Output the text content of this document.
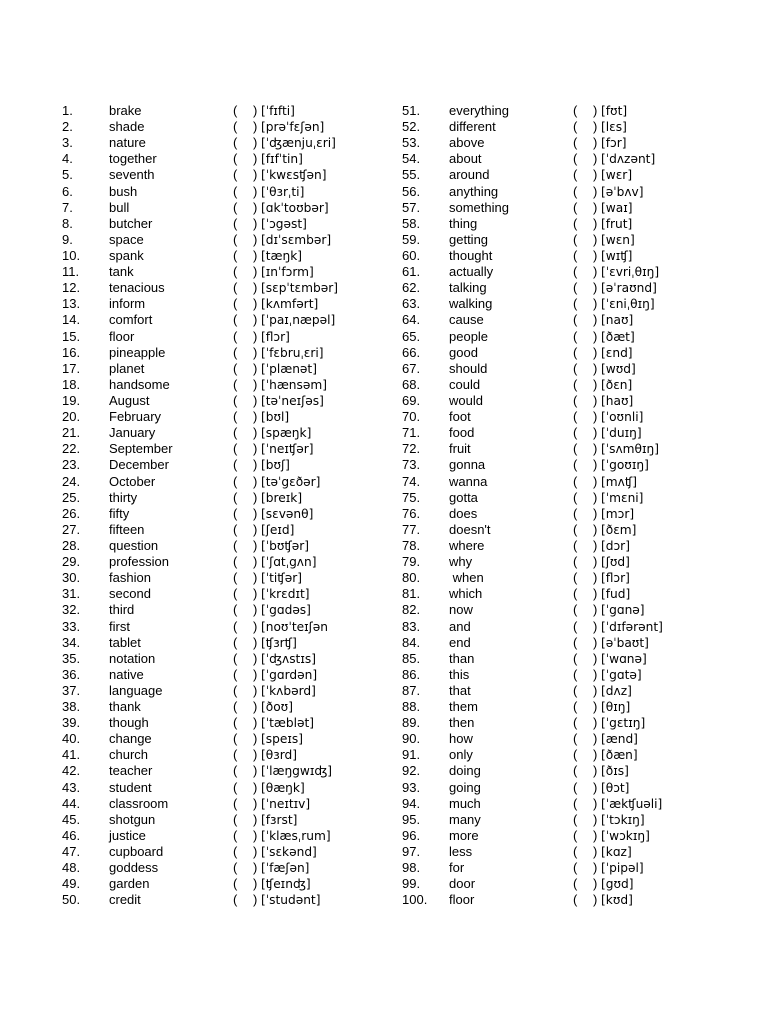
1.	brake	( ) [ˈfɪfti]
2.	shade	( ) [prəˈfɛʃən]
3.	nature	( ) [ˈʤænjuˌɛri]
4.	together	( ) [fɪfˈtin]
5.	seventh	( ) [ˈkwɛsʧən]
6.	bush	( ) [ˈθɜrˌti]
7.	bull	( ) [ɑkˈtoʊbər]
8.	butcher	( ) [ˈɔgəst]
9.	space	( ) [dɪˈsɛmbər]
10. spank	( ) [tæŋk]
11. tank	( ) [ɪnˈfɔrm]
12. tenacious	( ) [sɛpˈtɛmbər]
13. inform	( ) [kʌmfərt]
14. comfort	( ) [ˈpaɪˌnæpəl]
15. floor	( ) [flɔr]
16. pineapple	( ) [ˈfɛbruˌɛri]
17. planet	( ) [ˈplænət]
18. handsome	( ) [ˈhænsəm]
19. August	( ) [təˈneɪʃəs]
20. February	( ) [bʊl]
21. January	( ) [spæŋk]
22. September	( ) [ˈneɪʧər]
23. December	( ) [bʊʃ]
24. October	( ) [təˈgɛðər]
25. thirty	( ) [breɪk]
26. fifty	( ) [sɛvənθ]
27. fifteen	( ) [ʃeɪd]
28. question	( ) [ˈbʊʧər]
29. profession	( ) [ˈʃɑtˌgʌn]
30. fashion	( ) [ˈtiʧər]
31. second	( ) [ˈkrɛdɪt]
32. third	( ) [ˈgɑdəs]
33. first	( ) [noʊˈteɪʃən
34. tablet	( ) [ʧɜrʧ]
35. notation	( ) [ˈʤʌstɪs]
36. native	( ) [ˈgɑrdən]
37. language	( ) [ˈkʌbərd]
38. thank	( ) [ðoʊ]
39. though	( ) [ˈtæblət]
40. change	( ) [speɪs]
41. church	( ) [θɜrd]
42. teacher	( ) [ˈlæŋgwɪʤ]
43. student	( ) [θæŋk]
44. classroom	( ) [ˈneɪtɪv]
45. shotgun	( ) [fɜrst]
46. justice	( ) [ˈklæsˌrum]
47. cupboard	( ) [ˈsɛkənd]
48. goddess	( ) [ˈfæʃən]
49. garden	( ) [ʧeɪnʤ]
50. credit	( ) [ˈstudənt]
51. everything	( ) [fʊt]
52. different	( ) [lɛs]
53. above	( ) [fɔr]
54. about	( ) [ˈdʌzənt]
55. around	( ) [wɛr]
56. anything	( ) [əˈbʌv]
57. something	( ) [waɪ]
58. thing	( ) [frut]
59. getting	( ) [wɛn]
60. thought	( ) [wɪʧ]
61. actually	( ) [ˈɛvriˌθɪŋ]
62. talking	( ) [əˈraʊnd]
63. walking	( ) [ˈɛniˌθɪŋ]
64. cause	( ) [naʊ]
65. people	( ) [ðæt]
66. good	( ) [ɛnd]
67. should	( ) [wʊd]
68. could	( ) [ðɛn]
69. would	( ) [haʊ]
70. foot	( ) [ˈoʊnli]
71. food	( ) [ˈduɪŋ]
72. fruit	( ) [ˈsʌmθɪŋ]
73. gonna	( ) [ˈgoʊɪŋ]
74. wanna	( ) [mʌʧ]
75. gotta	( ) [ˈmɛni]
76. does	( ) [mɔr]
77. doesn't	( ) [ðɛm]
78. where	( ) [dɔr]
79. why	( ) [ʃʊd]
80. when	( ) [flɔr]
81. which	( ) [fud]
82. now	( ) [ˈgɑnə]
83. and	( ) [ˈdɪfərənt]
84. end	( ) [əˈbaʊt]
85. than	( ) [ˈwɑnə]
86. this	( ) [ˈgɑtə]
87. that	( ) [dʌz]
88. them	( ) [θɪŋ]
89. then	( ) [ˈgɛtɪŋ]
90. how	( ) [ænd]
91. only	( ) [ðæn]
92. doing	( ) [ðɪs]
93. going	( ) [θɔt]
94. much	( ) [ˈækʧuəli]
95. many	( ) [ˈtɔkɪŋ]
96. more	( ) [ˈwɔkɪŋ]
97. less	( ) [kɑz]
98. for	( ) [ˈpipəl]
99. door	( ) [gʊd]
100. floor	( ) [kʊd]
